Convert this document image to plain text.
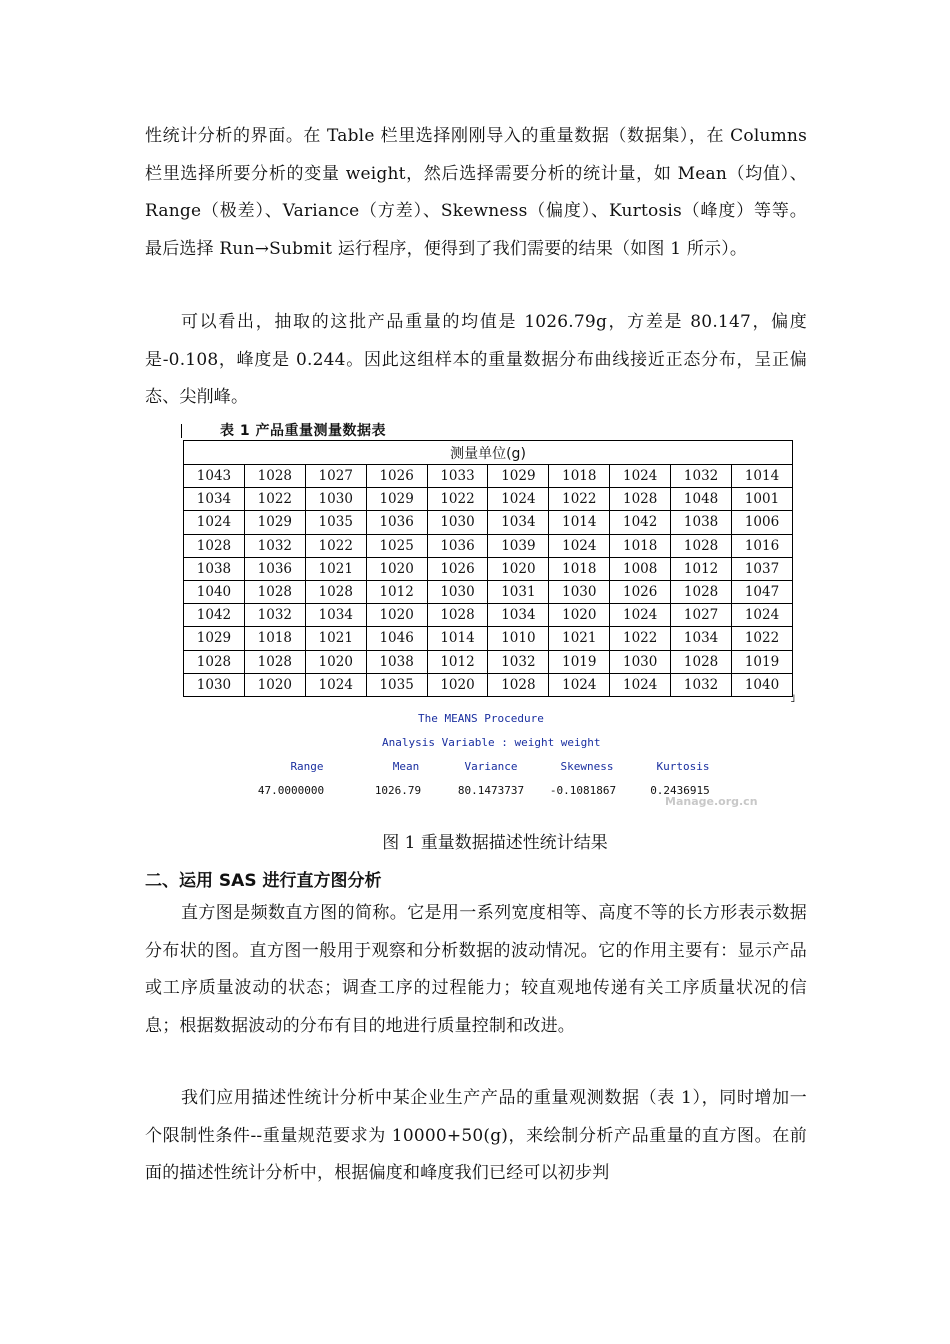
性统计分析的界面。在 Table 栏里选择刚刚导入的重量数据（数据集），在 Columns 栏里选择所要分析的变量 weight，然后选择需要分析的统计量，如 Mean（均值）、Range（极差）、Variance（方差）、Skewness（偏度）、Kurtosis（峰度）等等。最后选择 Run→Submit 运行程序，便得到了我们需要的结果（如图 1 所示）。

可以看出，抽取的这批产品重量的均值是 1026.79g，方差是 80.147，偏度是-0.108，峰度是 0.244。因此这组样本的重量数据分布曲线接近正态分布，呈正偏态、尖削峰。

表 1 产品重量测量数据表
测量单位(g)									
1043	1028	1027	1026	1033	1029	1018	1024	1032	1014
1034	1022	1030	1029	1022	1024	1022	1028	1048	1001
1024	1029	1035	1036	1030	1034	1014	1042	1038	1006
1028	1032	1022	1025	1036	1039	1024	1018	1028	1016
1038	1036	1021	1020	1026	1020	1018	1008	1012	1037
1040	1028	1028	1012	1030	1031	1030	1026	1028	1047
1042	1032	1034	1020	1028	1034	1020	1024	1027	1024
1029	1018	1021	1046	1014	1010	1021	1022	1034	1022
1028	1028	1020	1038	1012	1032	1019	1030	1028	1019
1030	1020	1024	1035	1020	1028	1024	1024	1032	1040
˩
The MEANS Procedure
Analysis Variable : weight weight
Range	Mean	Variance	Skewness	Kurtosis
47.0000000	1026.79	80.1473737	-0.1081867	0.2436915
Manage.org.cn
图 1 重量数据描述性统计结果
二、运用 SAS 进行直方图分析

直方图是频数直方图的简称。它是用一系列宽度相等、高度不等的长方形表示数据分布状的图。直方图一般用于观察和分析数据的波动情况。它的作用主要有：显示产品或工序质量波动的状态；调查工序的过程能力；较直观地传递有关工序质量状况的信息；根据数据波动的分布有目的地进行质量控制和改进。

我们应用描述性统计分析中某企业生产产品的重量观测数据（表 1），同时增加一个限制性条件--重量规范要求为 10000+50(g)，来绘制分析产品重量的直方图。在前面的描述性统计分析中，根据偏度和峰度我们已经可以初步判
